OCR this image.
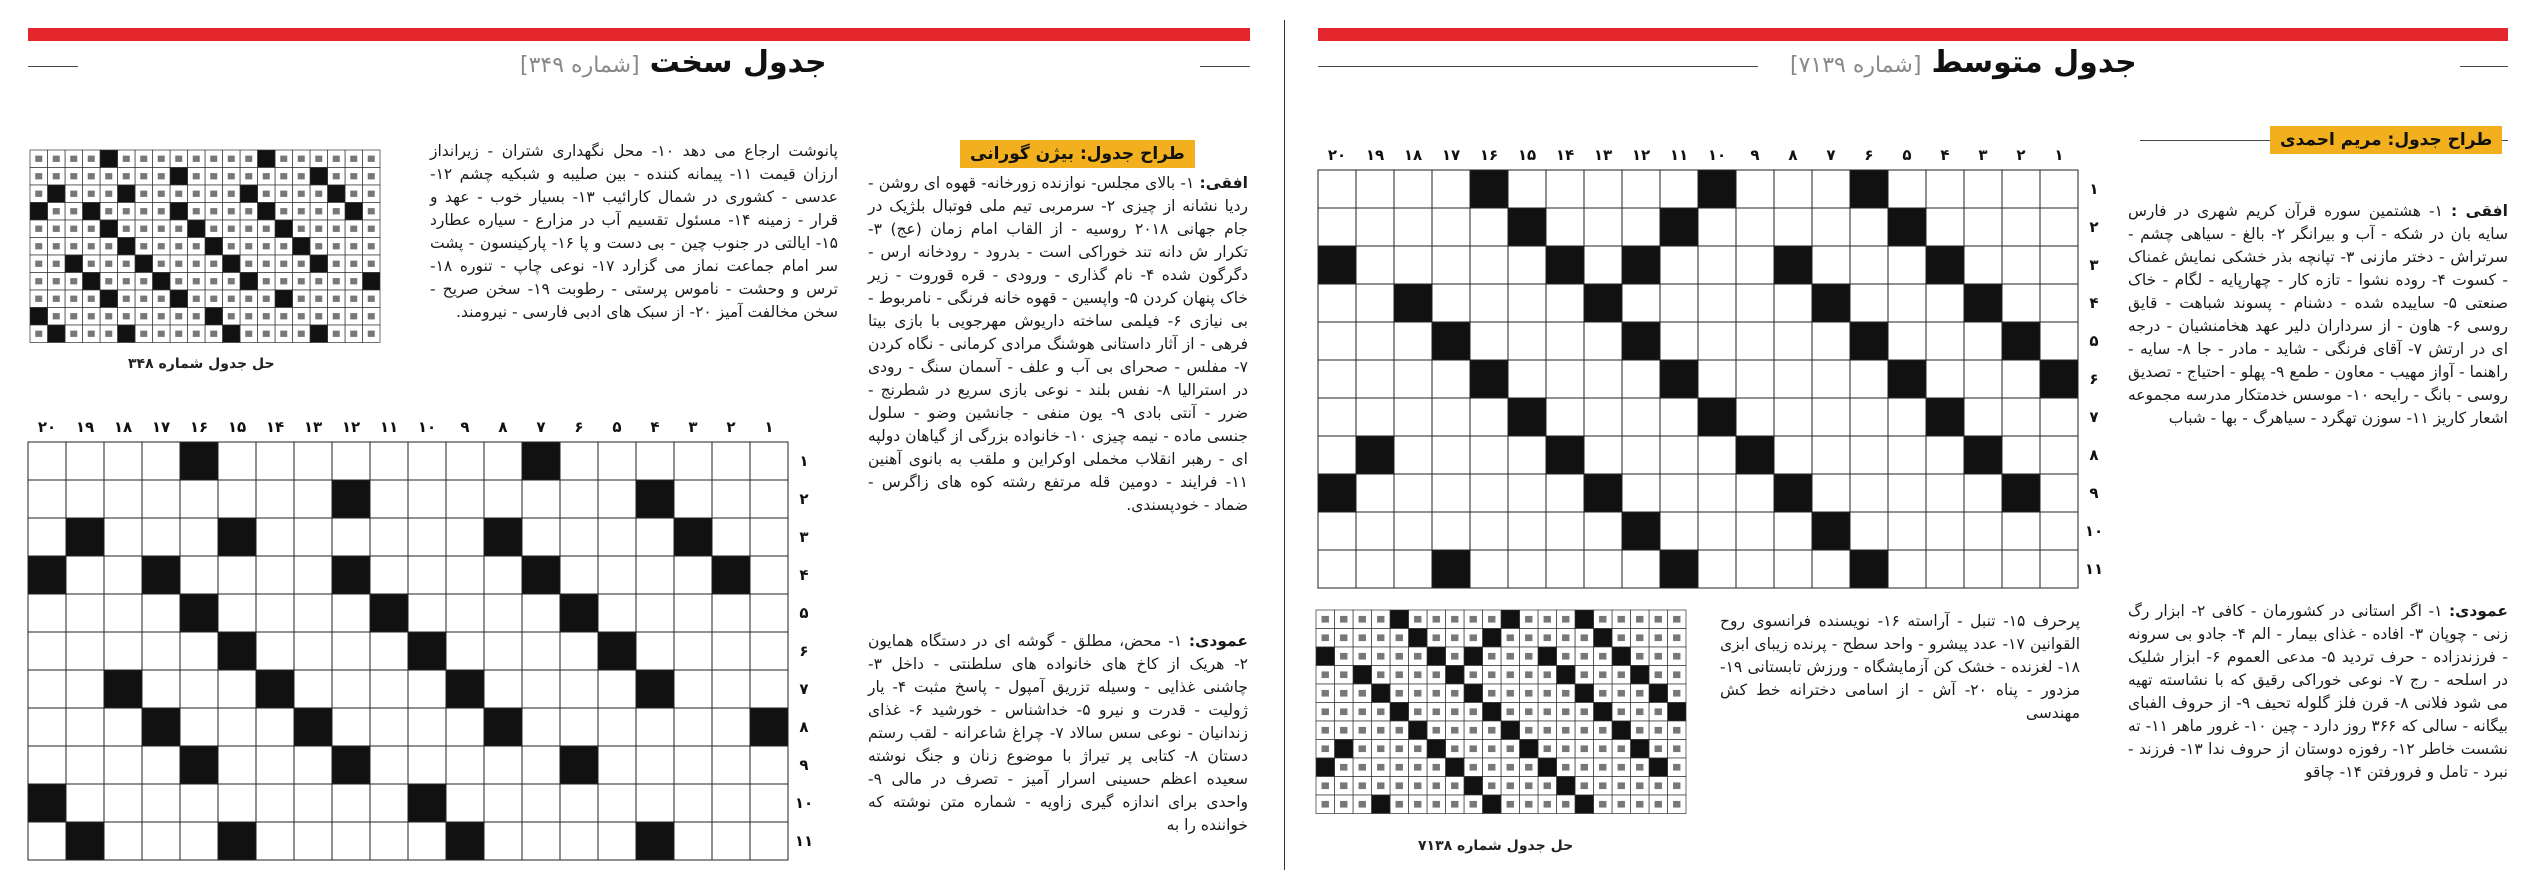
جدول سخت[شماره ۳۴۹]	جدول متوسط[شماره ۷۱۳۹]
طراح جدول: بیژن گورانی
افقی: ۱- بالای مجلس- نوازنده زورخانه- قهوه ای روشن - ردیا نشانه از چیزی ۲- سرمربی تیم ملی فوتبال بلژیک در جام جهانی ۲۰۱۸ روسیه - از القاب امام زمان (عج) ۳- تکرار ش دانه تند خوراکی است - بدرود - رودخانه ارس - دگرگون شده ۴- نام گذاری - ورودی - قره قوروت - زیر خاک پنهان کردن ۵- واپسین - قهوه خانه فرنگی - نامربوط - بی نیازی ۶- فیلمی ساخته داریوش مهرجویی با بازی بیتا فرهی - از آثار داستانی هوشنگ مرادی کرمانی - نگاه کردن ۷- مفلس - صحرای بی آب و علف - آسمان سنگ - رودی در استرالیا ۸- نفس بلند - نوعی بازی سریع در شطرنج - ضرر - آنتی بادی ۹- یون منفی - جانشین وضو - سلول جنسی ماده - نیمه چیزی ۱۰- خانواده بزرگی از گیاهان دولپه ای - رهبر انقلاب مخملی اوکراین و ملقب به بانوی آهنین ۱۱- فرایند - دومین قله مرتفع رشته کوه های زاگرس - ضماد - خودپسندی.
پانوشت ارجاع می دهد ۱۰- محل نگهداری شتران - زیرانداز ارزان قیمت ۱۱- پیمانه کننده - بین صلیبه و شبکیه چشم ۱۲- عدسی - کشوری در شمال کارائیب ۱۳- بسیار خوب - عهد و قرار - زمینه ۱۴- مسئول تقسیم آب در مزارع - سیاره عطارد ۱۵- ایالتی در جنوب چین - بی دست و پا ۱۶- پارکینسون - پشت سر امام جماعت نماز می گزارد ۱۷- نوعی چاپ - تنوره ۱۸- ترس و وحشت - ناموس پرستی - رطوبت ۱۹- سخن صریح - سخن مخالفت آمیز ۲۰- از سبک های ادبی فارسی - نیرومند.
عمودی: ۱- محض، مطلق - گوشه ای در دستگاه همایون ۲- هریک از کاخ های خانواده های سلطنتی - داخل ۳- چاشنی غذایی - وسیله تزریق آمپول - پاسخ مثبت ۴- یار ژولیت - قدرت و نیرو ۵- خداشناس - خورشید ۶- غذای زندانیان - نوعی سس سالاد ۷- چراغ شاعرانه - لقب رستم دستان ۸- کتابی پر تیراژ با موضوع زنان و جنگ نوشته سعیده اعظم حسینی اسرار آمیز - تصرف در مالی ۹- واحدی برای اندازه گیری زاویه - شماره متن نوشته که خواننده را به
حل جدول شماره ۳۴۸
۱
۲
۳
۴
۵
۶
۷
۸
۹
۱۰
۱۱
۱۲
۱۳
۱۴
۱۵
۱۶
۱۷
۱۸
۱۹
۲۰
۱
۲
۳
۴
۵
۶
۷
۸
۹
۱۰
۱۱
طراح جدول: مریم احمدی
افقی : ۱- هشتمین سوره قرآن کریم شهری در فارس سایه بان در شکه - آب و بیرانگر ۲- بالغ - سیاهی چشم - سرتراش - دختر مازنی ۳- تپانچه بذر خشکی نمایش غمناک - کسوت ۴- روده نشوا - تازه کار - چهارپایه - لگام - خاک صنعتی ۵- ساییده شده - دشنام - پسوند شباهت - قایق روسی ۶- هاون - از سرداران دلیر عهد هخامنشیان - درجه ای در ارتش ۷- آقای فرنگی - شاید - مادر - جا ۸- سایه - راهنما - آواز مهیب - معاون - طمع ۹- پهلو - احتیاج - تصدیق روسی - بانگ - رایحه ۱۰- موسس خدمتکار مدرسه مجموعه اشعار کاریز ۱۱- سوزن تهگرد - سیاهرگ - بها - شباب
عمودی: ۱- اگر استانی در کشورمان - کافی ۲- ابزار رگ زنی - چوپان ۳- افاده - غذای بیمار - الم ۴- جادو بی سرونه - فرزندزاده - حرف تردید ۵- مدعی العموم ۶- ابزار شلیک در اسلحه - رج ۷- نوعی خوراکی رقیق که با نشاسته تهیه می شود فلانی ۸- قرن فلز گلوله تحیف ۹- از حروف الفبای بیگانه - سالی که ۳۶۶ روز دارد - چین ۱۰- غرور ماهر ۱۱- ته نشست خاطر ۱۲- رفوزه دوستان از حروف ندا ۱۳- فرزند - نبرد - تامل و فرورفتن ۱۴- چاقو
پرحرف ۱۵- تنبل - آراسته ۱۶- نویسنده فرانسوی روح القوانین ۱۷- عدد پیشرو - واحد سطح - پرنده زیبای ابزی ۱۸- لغزنده - خشک کن آزمایشگاه - ورزش تابستانی ۱۹- مزدور - پناه ۲۰- آش - از اسامی دخترانه خط کش مهندسی
۱
۲
۳
۴
۵
۶
۷
۸
۹
۱۰
۱۱
۱۲
۱۳
۱۴
۱۵
۱۶
۱۷
۱۸
۱۹
۲۰
۱
۲
۳
۴
۵
۶
۷
۸
۹
۱۰
۱۱
حل جدول شماره ۷۱۳۸
